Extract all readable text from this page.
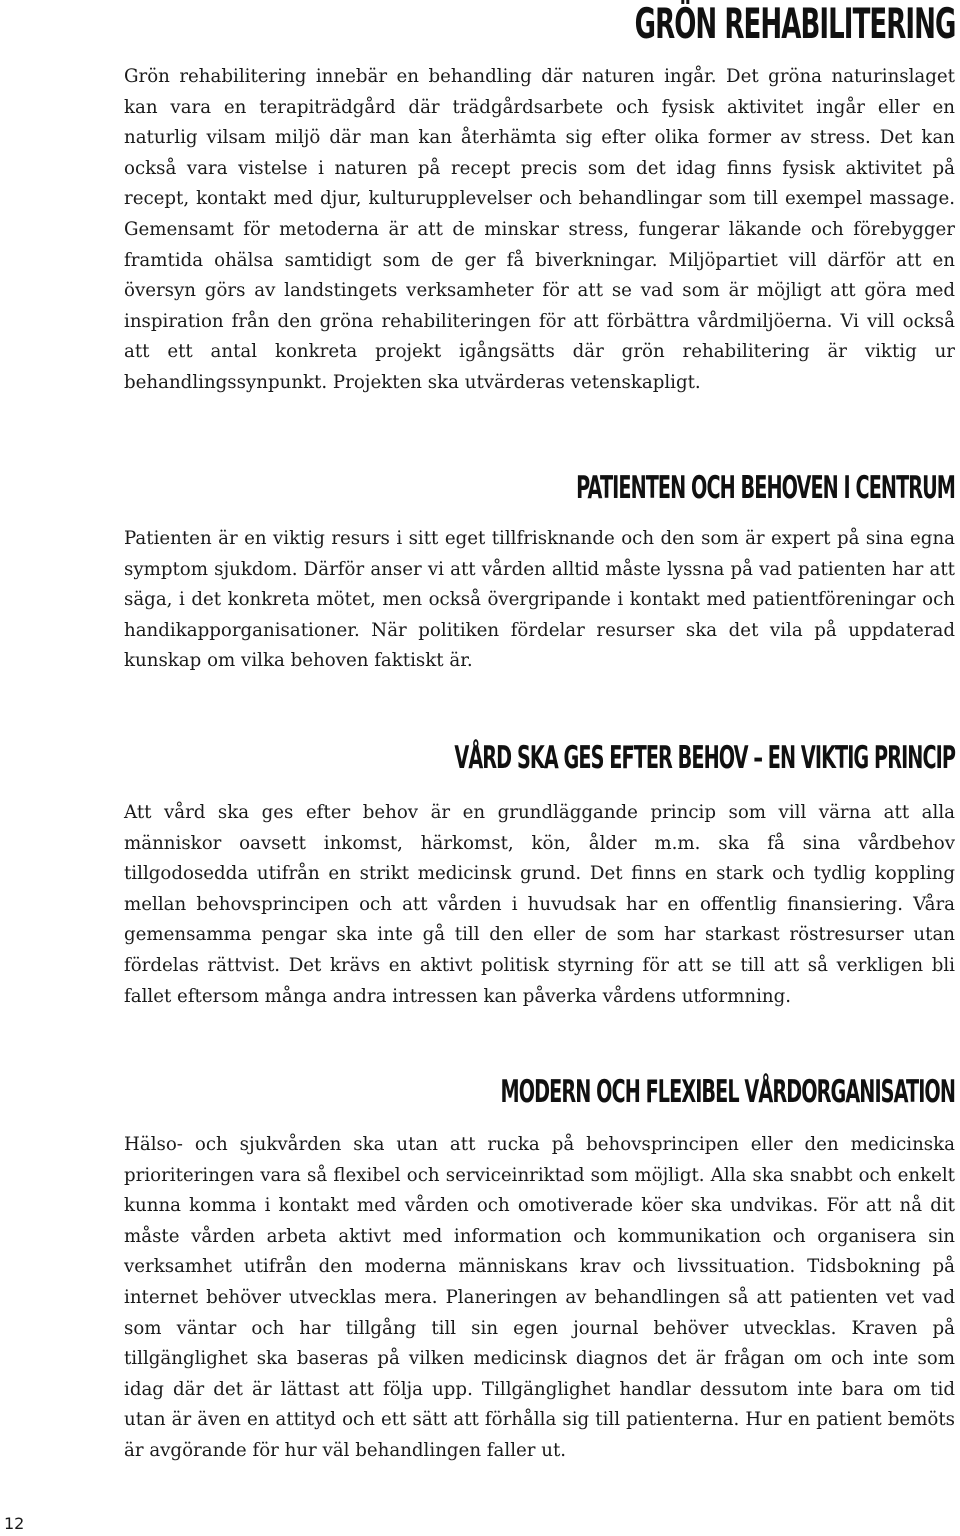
GRÖN REHABILITERING

Grön rehabilitering innebär en behandling där naturen ingår. Det gröna naturinslaget kan vara en terapiträdgård där trädgårdsarbete och fysisk aktivitet ingår eller en naturlig vilsam miljö där man kan återhämta sig efter olika former av stress. Det kan också vara vistelse i naturen på recept precis som det idag finns fysisk aktivitet på recept, kontakt med djur, kulturupplevelser och behandlingar som till exempel massage. Gemensamt för metoderna är att de minskar stress, fungerar läkande och förebygger framtida ohälsa samtidigt som de ger få biverkningar. Miljöpartiet vill därför att en översyn görs av landstingets verksamheter för att se vad som är möjligt att göra med inspiration från den gröna rehabiliteringen för att förbättra vårdmiljöerna. Vi vill också att ett antal konkreta projekt igångsätts där grön rehabilitering är viktig ur behandlingssynpunkt. Projekten ska utvärderas vetenskapligt.

PATIENTEN OCH BEHOVEN I CENTRUM

Patienten är en viktig resurs i sitt eget tillfrisknande och den som är expert på sina egna symptom sjukdom. Därför anser vi att vården alltid måste lyssna på vad patienten har att säga, i det konkreta mötet, men också övergripande i kontakt med patientföreningar och handikapporganisationer. När politiken fördelar resurser ska det vila på uppdaterad kunskap om vilka behoven faktiskt är.

VÅRD SKA GES EFTER BEHOV – EN VIKTIG PRINCIP

Att vård ska ges efter behov är en grundläggande princip som vill värna att alla människor oavsett inkomst, härkomst, kön, ålder m.m. ska få sina vårdbehov tillgodosedda utifrån en strikt medicinsk grund. Det finns en stark och tydlig koppling mellan behovsprincipen och att vården i huvudsak har en offentlig finansiering. Våra gemensamma pengar ska inte gå till den eller de som har starkast röstresurser utan fördelas rättvist. Det krävs en aktivt politisk styrning för att se till att så verkligen bli fallet eftersom många andra intressen kan påverka vårdens utformning.

MODERN OCH FLEXIBEL VÅRDORGANISATION

Hälso- och sjukvården ska utan att rucka på behovsprincipen eller den medicinska prioriteringen vara så flexibel och serviceinriktad som möjligt. Alla ska snabbt och enkelt kunna komma i kontakt med vården och omotiverade köer ska undvikas. För att nå dit måste vården arbeta aktivt med information och kommunikation och organisera sin verksamhet utifrån den moderna människans krav och livssituation. Tidsbokning på internet behöver utvecklas mera. Planeringen av behandlingen så att patienten vet vad som väntar och har tillgång till sin egen journal behöver utvecklas. Kraven på tillgänglighet ska baseras på vilken medicinsk diagnos det är frågan om och inte som idag där det är lättast att följa upp. Tillgänglighet handlar dessutom inte bara om tid utan är även en attityd och ett sätt att förhålla sig till patienterna. Hur en patient bemöts är avgörande för hur väl behandlingen faller ut.

12
